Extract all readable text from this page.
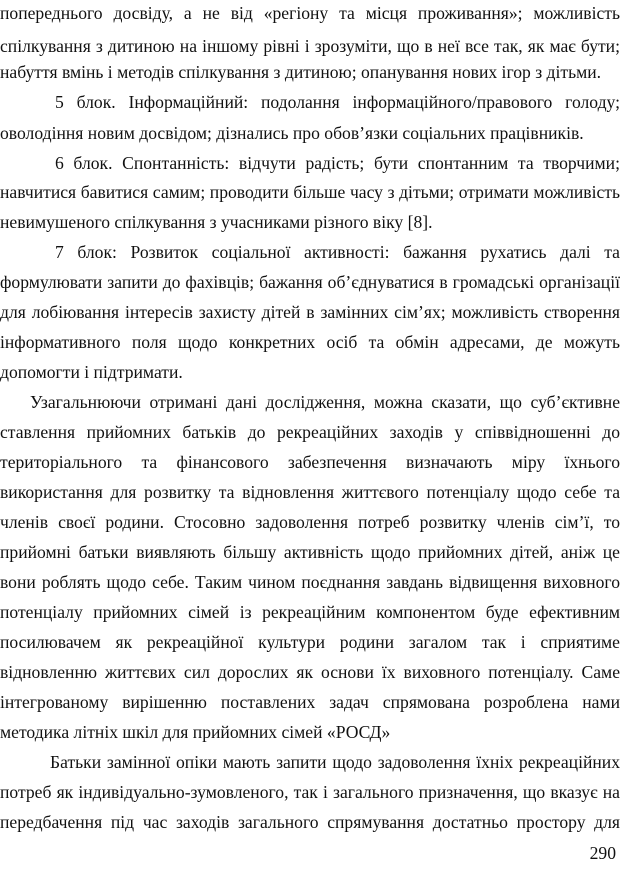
попереднього досвіду, а не від «регіону та місця проживання»; можливість
спілкування з дитиною на іншому рівні і зрозуміти, що в неї все так, як має бути;
набуття вмінь і методів спілкування з дитиною; опанування нових ігор з дітьми.
5 блок. Інформаційний: подолання інформаційного/правового голоду;
оволодіння новим досвідом; дізнались про обов’язки соціальних працівників.
6 блок. Спонтанність: відчути радість; бути спонтанним та творчими;
навчитися бавитися самим; проводити більше часу з дітьми; отримати можливість
невимушеного спілкування з учасниками різного віку [8].
7 блок: Розвиток соціальної активності: бажання рухатись далі та
формулювати запити до фахівців; бажання об’єднуватися в громадські організації
для лобіювання інтересів захисту дітей в замінних сім’ях; можливість створення
інформативного поля щодо конкретних осіб та обмін адресами, де можуть
допомогти і підтримати.
Узагальнюючи отримані дані дослідження, можна сказати, що суб’єктивне
ставлення прийомних батьків до рекреаційних заходів у співвідношенні до
територіального та фінансового забезпечення визначають міру їхнього
використання для розвитку та відновлення життєвого потенціалу щодо себе та
членів своєї родини. Стосовно задоволення потреб розвитку членів сім’ї, то
прийомні батьки виявляють більшу активність щодо прийомних дітей, аніж це
вони роблять щодо себе. Таким чином поєднання завдань відвищення виховного
потенціалу прийомних сімей із рекреаційним компонентом буде ефективним
посилювачем як рекреаційної культури родини загалом так і сприятиме
відновленню життєвих сил дорослих як основи їх виховного потенціалу. Саме
інтегрованому вирішенню поставлених задач спрямована розроблена нами
методика літніх шкіл для прийомних сімей «РОСД»
Батьки замінної опіки мають запити щодо задоволення їхніх рекреаційних
потреб як індивідуально-зумовленого, так і загального призначення, що вказує на
передбачення під час заходів загального спрямування достатньо простору для
290
